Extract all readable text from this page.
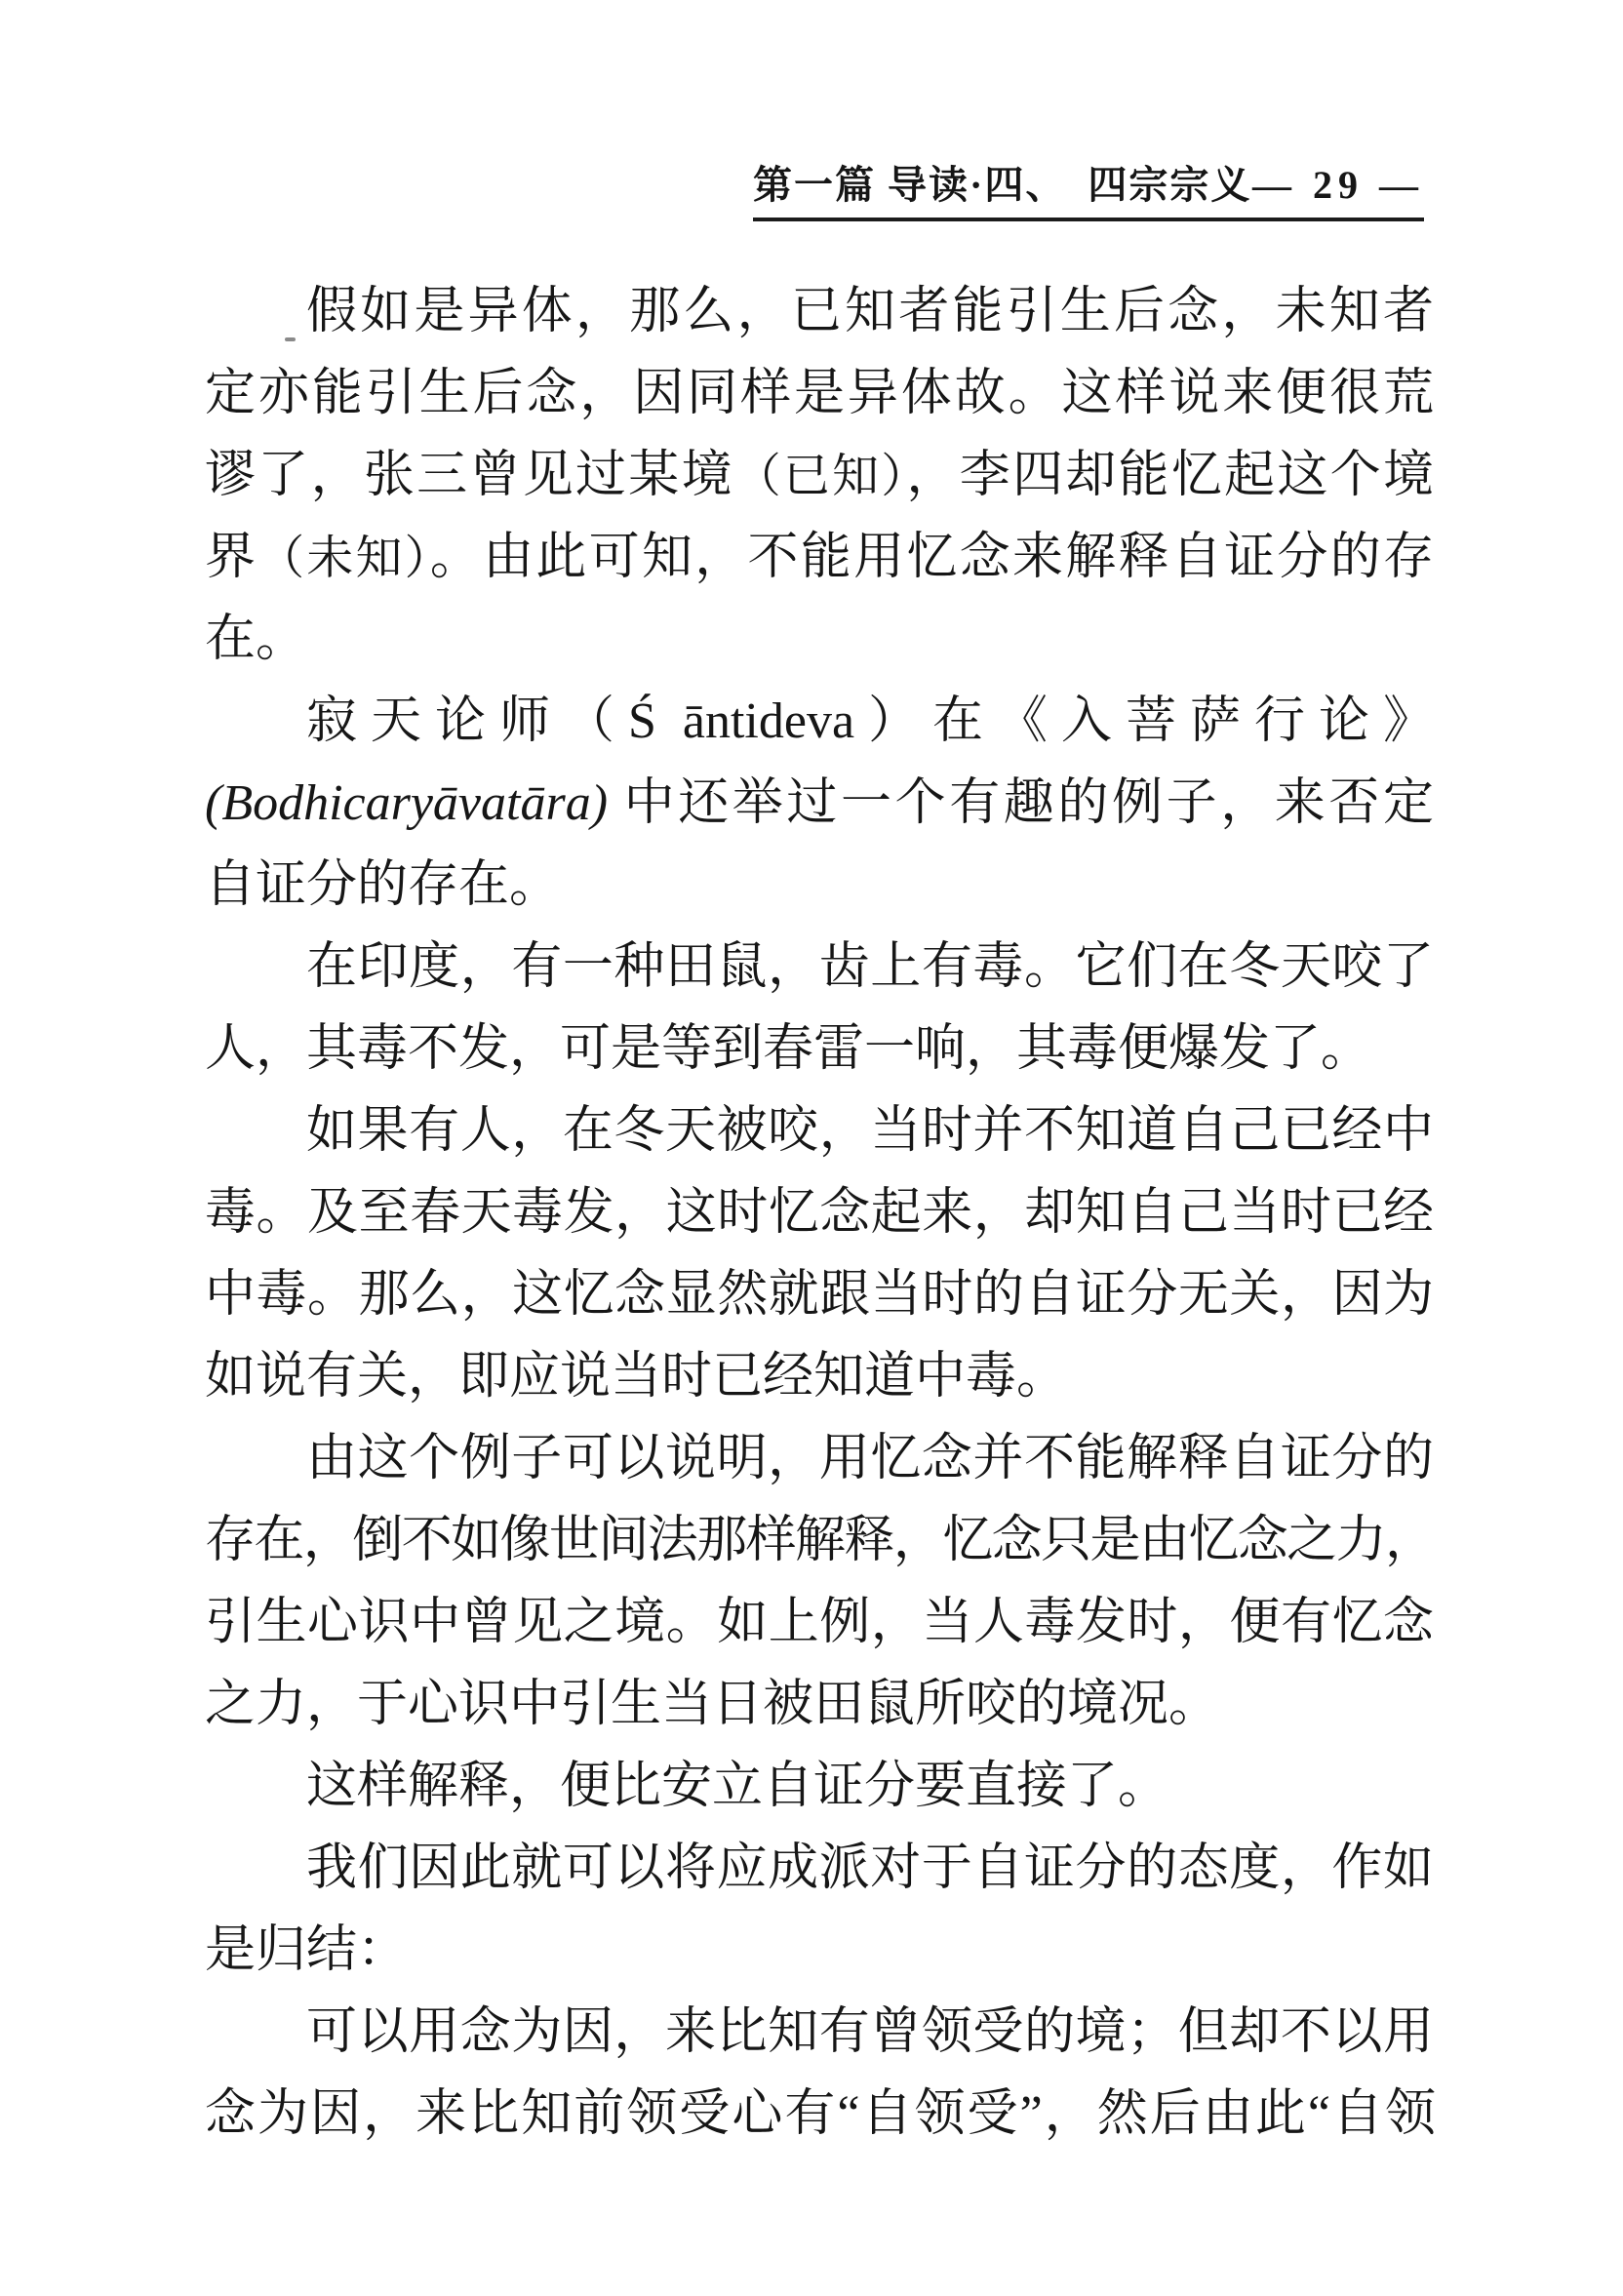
第一篇 导读·四、　四宗宗义 — 29 —
假如是异体，那么，已知者能引生后念，未知者
定亦能引生后念，因同样是异体故。这样说来便很荒
谬了，张三曾见过某境（已知），李四却能忆起这个境
界（未知）。由此可知，不能用忆念来解释自证分的存
在。
寂天论师（Ś āntideva）在《入菩萨行论》
(Bodhicaryāvatāra) 中还举过一个有趣的例子，来否定
自证分的存在。
在印度，有一种田鼠，齿上有毒。它们在冬天咬了
人，其毒不发，可是等到春雷一响，其毒便爆发了。
如果有人，在冬天被咬，当时并不知道自己已经中
毒。及至春天毒发，这时忆念起来，却知自己当时已经
中毒。那么，这忆念显然就跟当时的自证分无关，因为
如说有关，即应说当时已经知道中毒。
由这个例子可以说明，用忆念并不能解释自证分的
存在，倒不如像世间法那样解释，忆念只是由忆念之力，
引生心识中曾见之境。如上例，当人毒发时，便有忆念
之力，于心识中引生当日被田鼠所咬的境况。
这样解释，便比安立自证分要直接了。
我们因此就可以将应成派对于自证分的态度，作如
是归结：
可以用念为因，来比知有曾领受的境；但却不以用
念为因，来比知前领受心有“自领受”，然后由此“自领
